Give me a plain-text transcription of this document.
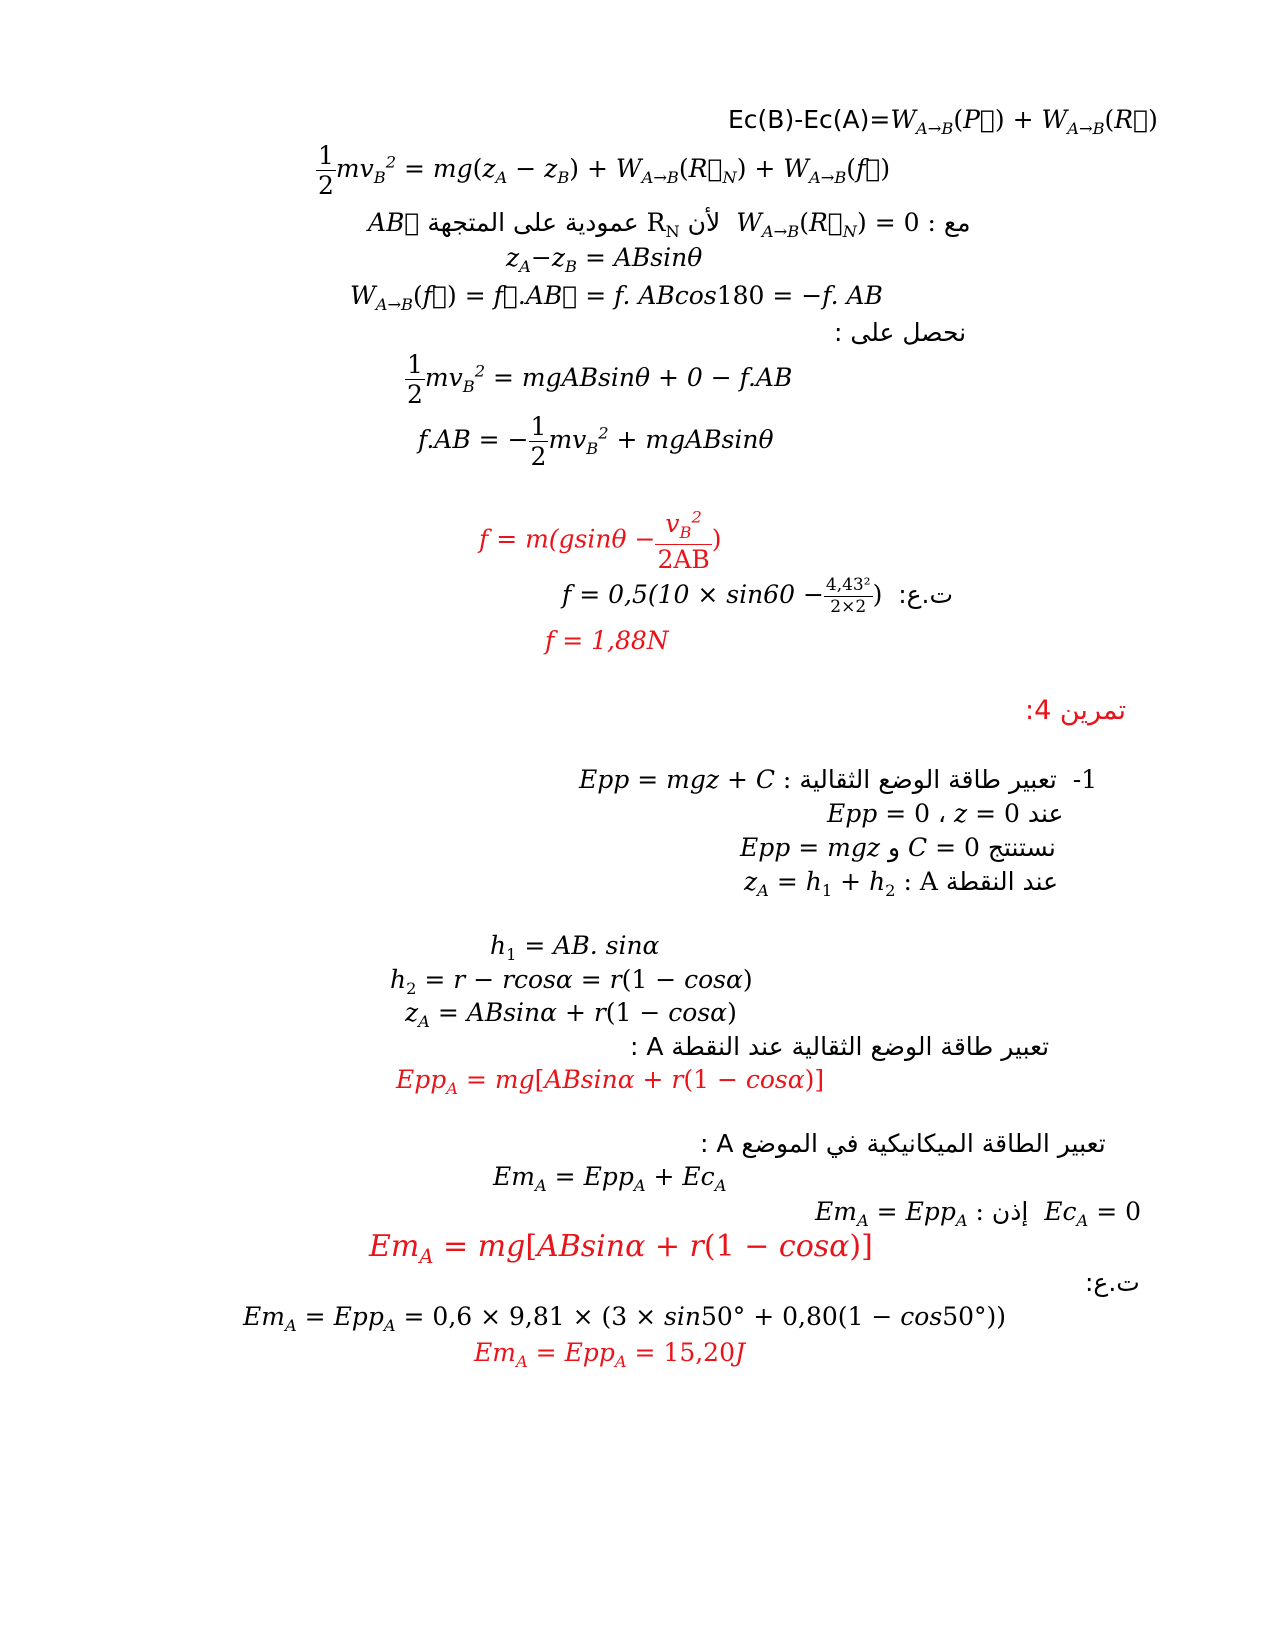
$Ec(B)-Ec(A)=W_{A\to B}(P⃗)$ + $W_{A\to B}(R⃗)$
$\frac{1}{2} mv_B^2 = mg(z_A - z_B)$ + $W_{A\to B}(R⃗_N)$ + $W_{A\to B}(f⃗)$
AB⃗ عمودية على المتجهة $R_N$ لأن $W_{A\to B}(R⃗_N) = 0$ : مع
$z_A-z_B = ABsin\theta$
$W_{A\to B}(f⃗)$ = f⃗.AB⃗ = f. ABcos180 = −f. AB
نحصل على :
$\frac{1}{2} mv_B^2$ = mgABsinθ + 0 − f.AB
f.AB = − $\frac{1}{2} mv_B^2$ + mgABsinθ
$f = m(gsin\theta - \frac{v_B^2}{2AB}$ )
$f = 0,5(10 \times \sin 60 - \frac{\text{4,43²}}{2\times 2}$ )  ت.ع:
f = 1,88N
تمرين 4:
Epp = mgz + C : تعبير طاقة الوضع الثقالية  -1
Epp = 0 ، z = 0 عند
Epp = mgz و C = 0 نستنتج
$z_A = h_1 + h_2$ : A عند النقطة
$h_1$ = AB. sinα
$h_2 = r - rcos\alpha = r(1 - \cos\alpha)$
$z_A = ABsin\alpha + r(1 - \cos\alpha)$
تعبير طاقة الوضع الثقالية عند النقطة A :
Epp$_A$ = mg[ABsinα + r(1 − cosα)]
تعبير الطاقة الميكانيكية في الموضع A :
$Em_A = Epp_A + Ec_A$
$Em_A = Epp_A$ : إذن $Ec_A = 0$
$Em_A = mg[ABsin\alpha + r(1 - \cos\alpha)]$
ت.ع:
$Em_A = Epp_A = 0,6 \times 9,81 \times (3 \times \sin 50^\circ + 0,80(1 - \cos 50^\circ))$
$Em_A = Epp_A = 15,20J$
